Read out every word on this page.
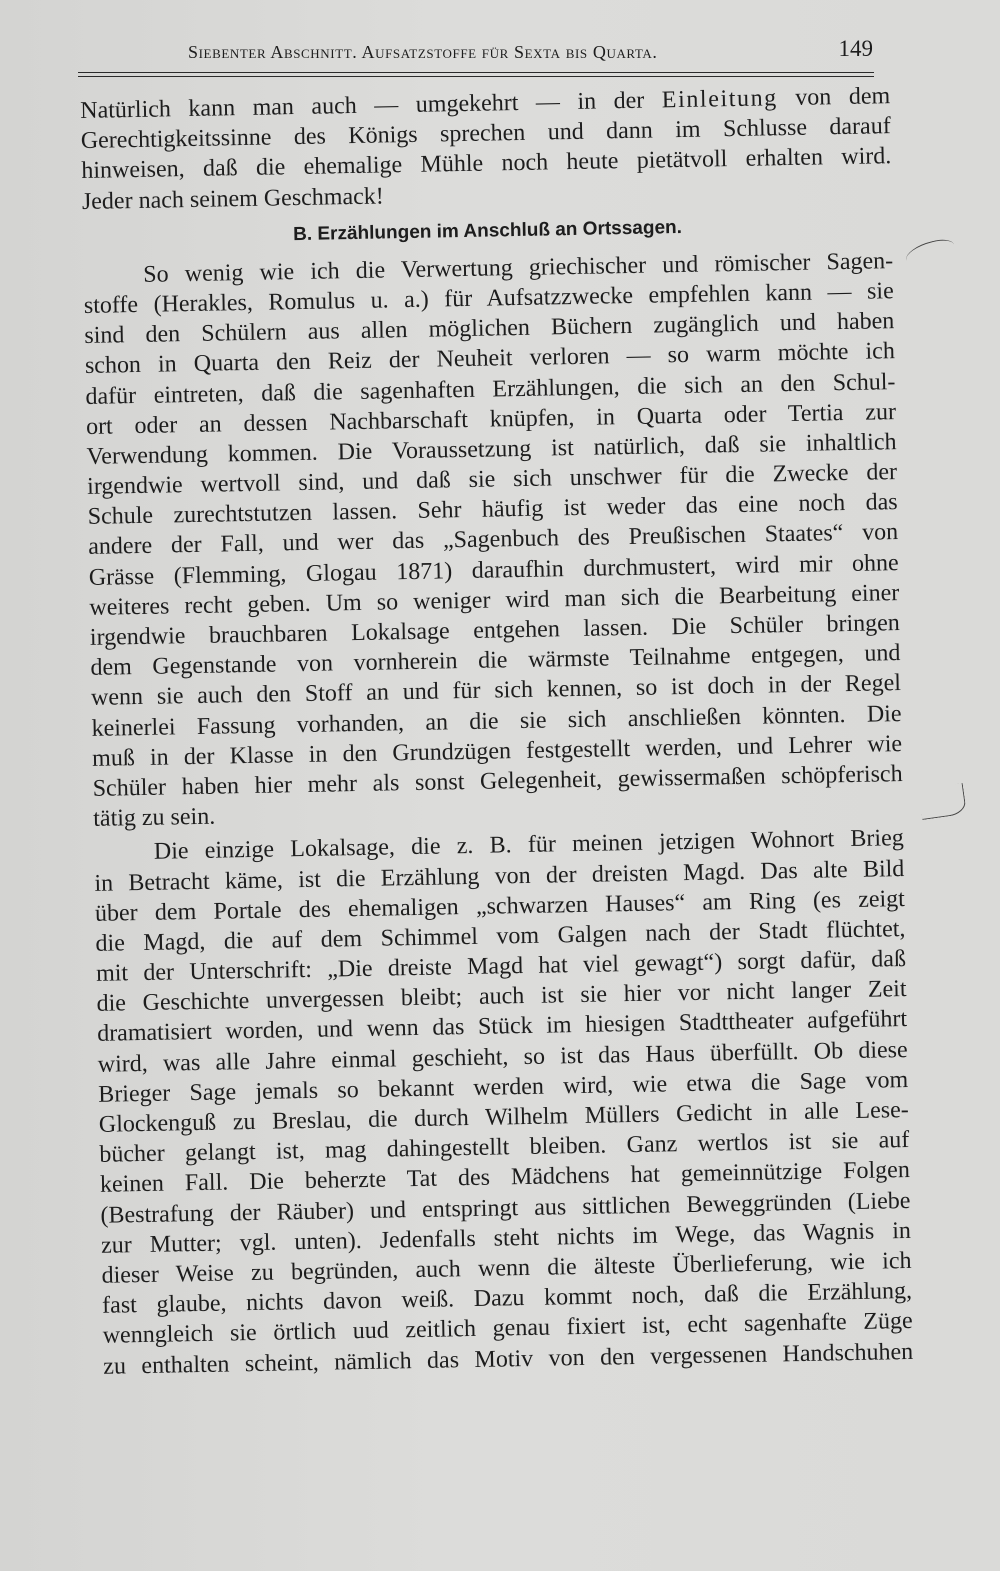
Siebenter Abschnitt. Aufsatzstoffe für Sexta bis Quarta.	149
Natürlich kann man auch — umgekehrt — in der Einleitung von dem
Gerechtigkeitssinne des Königs sprechen und dann im Schlusse darauf
hinweisen, daß die ehemalige Mühle noch heute pietätvoll erhalten wird.
Jeder nach seinem Geschmack!
B. Erzählungen im Anschluß an Ortssagen.
So wenig wie ich die Verwertung griechischer und römischer Sagen-
stoffe (Herakles, Romulus u. a.) für Aufsatzzwecke empfehlen kann — sie
sind den Schülern aus allen möglichen Büchern zugänglich und haben
schon in Quarta den Reiz der Neuheit verloren — so warm möchte ich
dafür eintreten, daß die sagenhaften Erzählungen, die sich an den Schul-
ort oder an dessen Nachbarschaft knüpfen, in Quarta oder Tertia zur
Verwendung kommen. Die Voraussetzung ist natürlich, daß sie inhaltlich
irgendwie wertvoll sind, und daß sie sich unschwer für die Zwecke der
Schule zurechtstutzen lassen. Sehr häufig ist weder das eine noch das
andere der Fall, und wer das „Sagenbuch des Preußischen Staates“ von
Grässe (Flemming, Glogau 1871) daraufhin durchmustert, wird mir ohne
weiteres recht geben. Um so weniger wird man sich die Bearbeitung einer
irgendwie brauchbaren Lokalsage entgehen lassen. Die Schüler bringen
dem Gegenstande von vornherein die wärmste Teilnahme entgegen, und
wenn sie auch den Stoff an und für sich kennen, so ist doch in der Regel
keinerlei Fassung vorhanden, an die sie sich anschließen könnten. Die
muß in der Klasse in den Grundzügen festgestellt werden, und Lehrer wie
Schüler haben hier mehr als sonst Gelegenheit, gewissermaßen schöpferisch
tätig zu sein.
Die einzige Lokalsage, die z. B. für meinen jetzigen Wohnort Brieg
in Betracht käme, ist die Erzählung von der dreisten Magd. Das alte Bild
über dem Portale des ehemaligen „schwarzen Hauses“ am Ring (es zeigt
die Magd, die auf dem Schimmel vom Galgen nach der Stadt flüchtet,
mit der Unterschrift: „Die dreiste Magd hat viel gewagt“) sorgt dafür, daß
die Geschichte unvergessen bleibt; auch ist sie hier vor nicht langer Zeit
dramatisiert worden, und wenn das Stück im hiesigen Stadttheater aufgeführt
wird, was alle Jahre einmal geschieht, so ist das Haus überfüllt. Ob diese
Brieger Sage jemals so bekannt werden wird, wie etwa die Sage vom
Glockenguß zu Breslau, die durch Wilhelm Müllers Gedicht in alle Lese-
bücher gelangt ist, mag dahingestellt bleiben. Ganz wertlos ist sie auf
keinen Fall. Die beherzte Tat des Mädchens hat gemeinnützige Folgen
(Bestrafung der Räuber) und entspringt aus sittlichen Beweggründen (Liebe
zur Mutter; vgl. unten). Jedenfalls steht nichts im Wege, das Wagnis in
dieser Weise zu begründen, auch wenn die älteste Überlieferung, wie ich
fast glaube, nichts davon weiß. Dazu kommt noch, daß die Erzählung,
wenngleich sie örtlich uud zeitlich genau fixiert ist, echt sagenhafte Züge
zu enthalten scheint, nämlich das Motiv von den vergessenen Handschuhen
